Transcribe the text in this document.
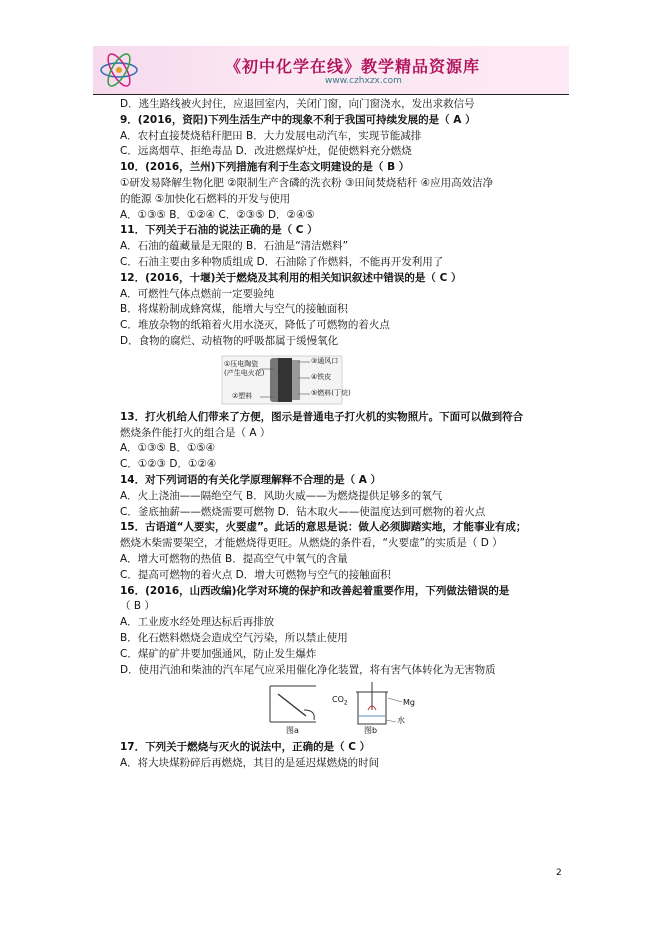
《初中化学在线》教学精品资源库
www.czhxzx.com
D．逃生路线被火封住，应退回室内，关闭门窗，向门窗浇水，发出求救信号
9．(2016，资阳)下列生活生产中的现象不利于我国可持续发展的是（ A ）
A．农村直接焚烧秸秆肥田 B．大力发展电动汽车，实现节能减排
C．远离烟草、拒绝毒品 D．改进燃煤炉灶，促使燃料充分燃烧
10．(2016，兰州)下列措施有利于生态文明建设的是（ B ）
①研发易降解生物化肥 ②限制生产含磷的洗衣粉 ③田间焚烧秸秆 ④应用高效洁净
的能源 ⑤加快化石燃料的开发与使用
A．①③⑤ B．①②④ C．②③⑤ D．②④⑤
11．下列关于石油的说法正确的是（ C ）
A．石油的蕴藏量是无限的 B．石油是“清洁燃料”
C．石油主要由多种物质组成 D．石油除了作燃料，不能再开发利用了
12．(2016，十堰)关于燃烧及其利用的相关知识叙述中错误的是（ C ）
A．可燃性气体点燃前一定要验纯
B．将煤粉制成蜂窝煤，能增大与空气的接触面积
C．堆放杂物的纸箱着火用水浇灭，降低了可燃物的着火点
D．食物的腐烂、动植物的呼吸都属于缓慢氧化
①压电陶瓷
(产生电火花)
②塑料
③通风口
④铁皮
⑤燃料(丁烷)
13．打火机给人们带来了方便，图示是普通电子打火机的实物照片。下面可以做到符合
燃烧条件能打火的组合是（ A ）
A．①③⑤ B．①⑤④
C．①②③ D．①②④
14．对下列词语的有关化学原理解释不合理的是（ A ）
A．火上浇油——隔绝空气 B．风助火威——为燃烧提供足够多的氧气
C．釜底抽薪——燃烧需要可燃物 D．钻木取火——使温度达到可燃物的着火点
15．古语道“人要实，火要虚”。此话的意思是说：做人必须脚踏实地，才能事业有成；
燃烧木柴需要架空，才能燃烧得更旺。从燃烧的条件看，“火要虚”的实质是（ D ）
A．增大可燃物的热值 B．提高空气中氧气的含量
C．提高可燃物的着火点 D．增大可燃物与空气的接触面积
16．(2016，山西改编)化学对环境的保护和改善起着重要作用，下列做法错误的是
（ B ）
A．工业废水经处理达标后再排放
B．化石燃料燃烧会造成空气污染，所以禁止使用
C．煤矿的矿井要加强通风，防止发生爆炸
D．使用汽油和柴油的汽车尾气应采用催化净化装置，将有害气体转化为无害物质
图a	图b
$CO_2$	Mg
水
17．下列关于燃烧与灭火的说法中，正确的是（ C ）
A．将大块煤粉碎后再燃烧，其目的是延迟煤燃烧的时间
2
